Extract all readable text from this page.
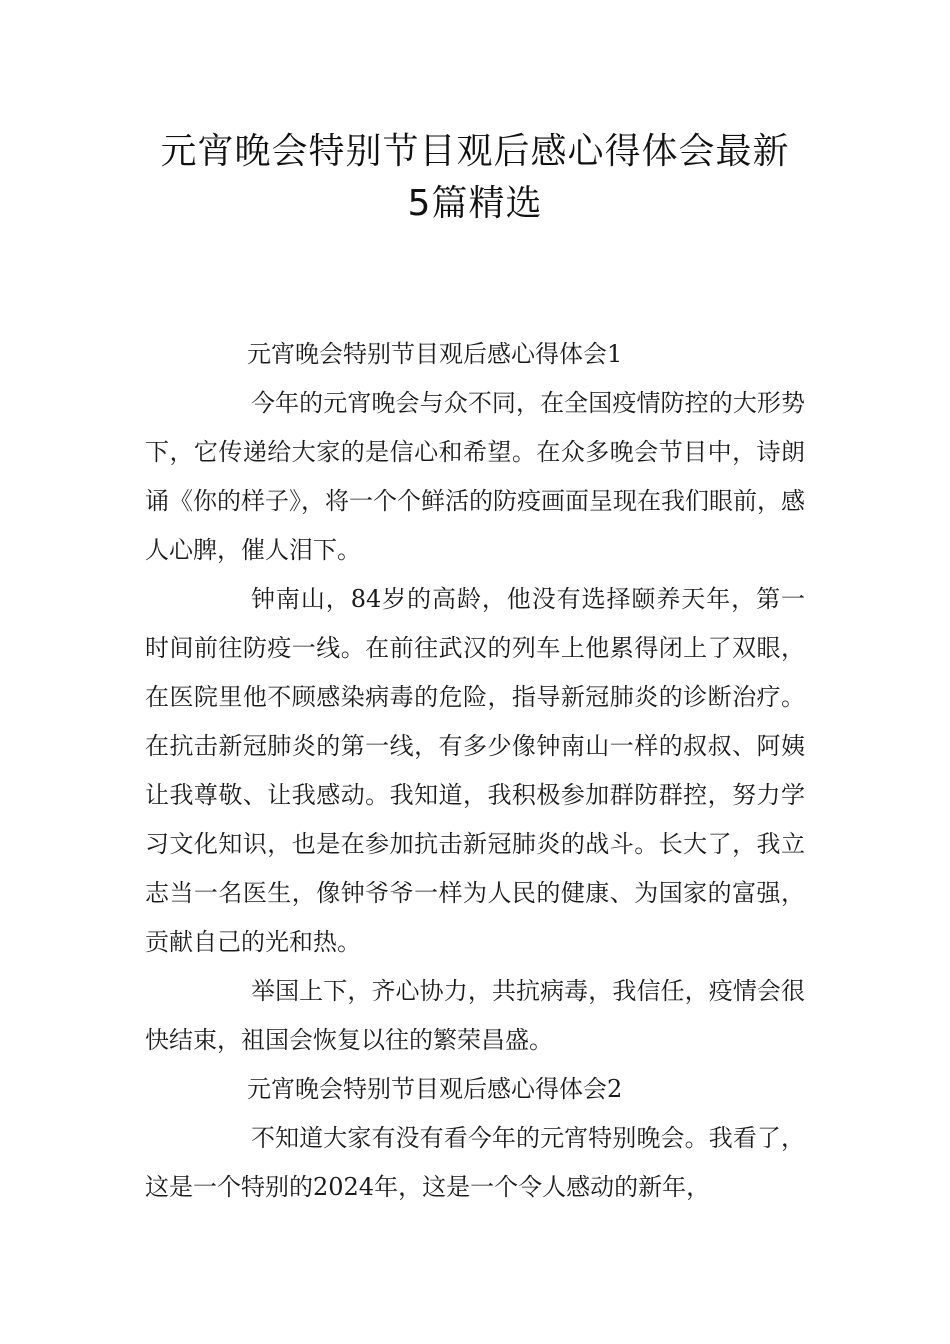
元宵晚会特别节目观后感心得体会最新
5篇精选
元宵晚会特别节目观后感心得体会1

今年的元宵晚会与众不同，在全国疫情防控的大形势下，它传递给大家的是信心和希望。在众多晚会节目中，诗朗诵《你的样子》，将一个个鲜活的防疫画面呈现在我们眼前，感人心脾，催人泪下。

钟南山，84岁的高龄，他没有选择颐养天年，第一时间前往防疫一线。在前往武汉的列车上他累得闭上了双眼，在医院里他不顾感染病毒的危险，指导新冠肺炎的诊断治疗。在抗击新冠肺炎的第一线，有多少像钟南山一样的叔叔、阿姨让我尊敬、让我感动。我知道，我积极参加群防群控，努力学习文化知识，也是在参加抗击新冠肺炎的战斗。长大了，我立志当一名医生，像钟爷爷一样为人民的健康、为国家的富强，贡献自己的光和热。

举国上下，齐心协力，共抗病毒，我信任，疫情会很快结束，祖国会恢复以往的繁荣昌盛。

元宵晚会特别节目观后感心得体会2

不知道大家有没有看今年的元宵特别晚会。我看了，这是一个特别的2024年，这是一个令人感动的新年，
